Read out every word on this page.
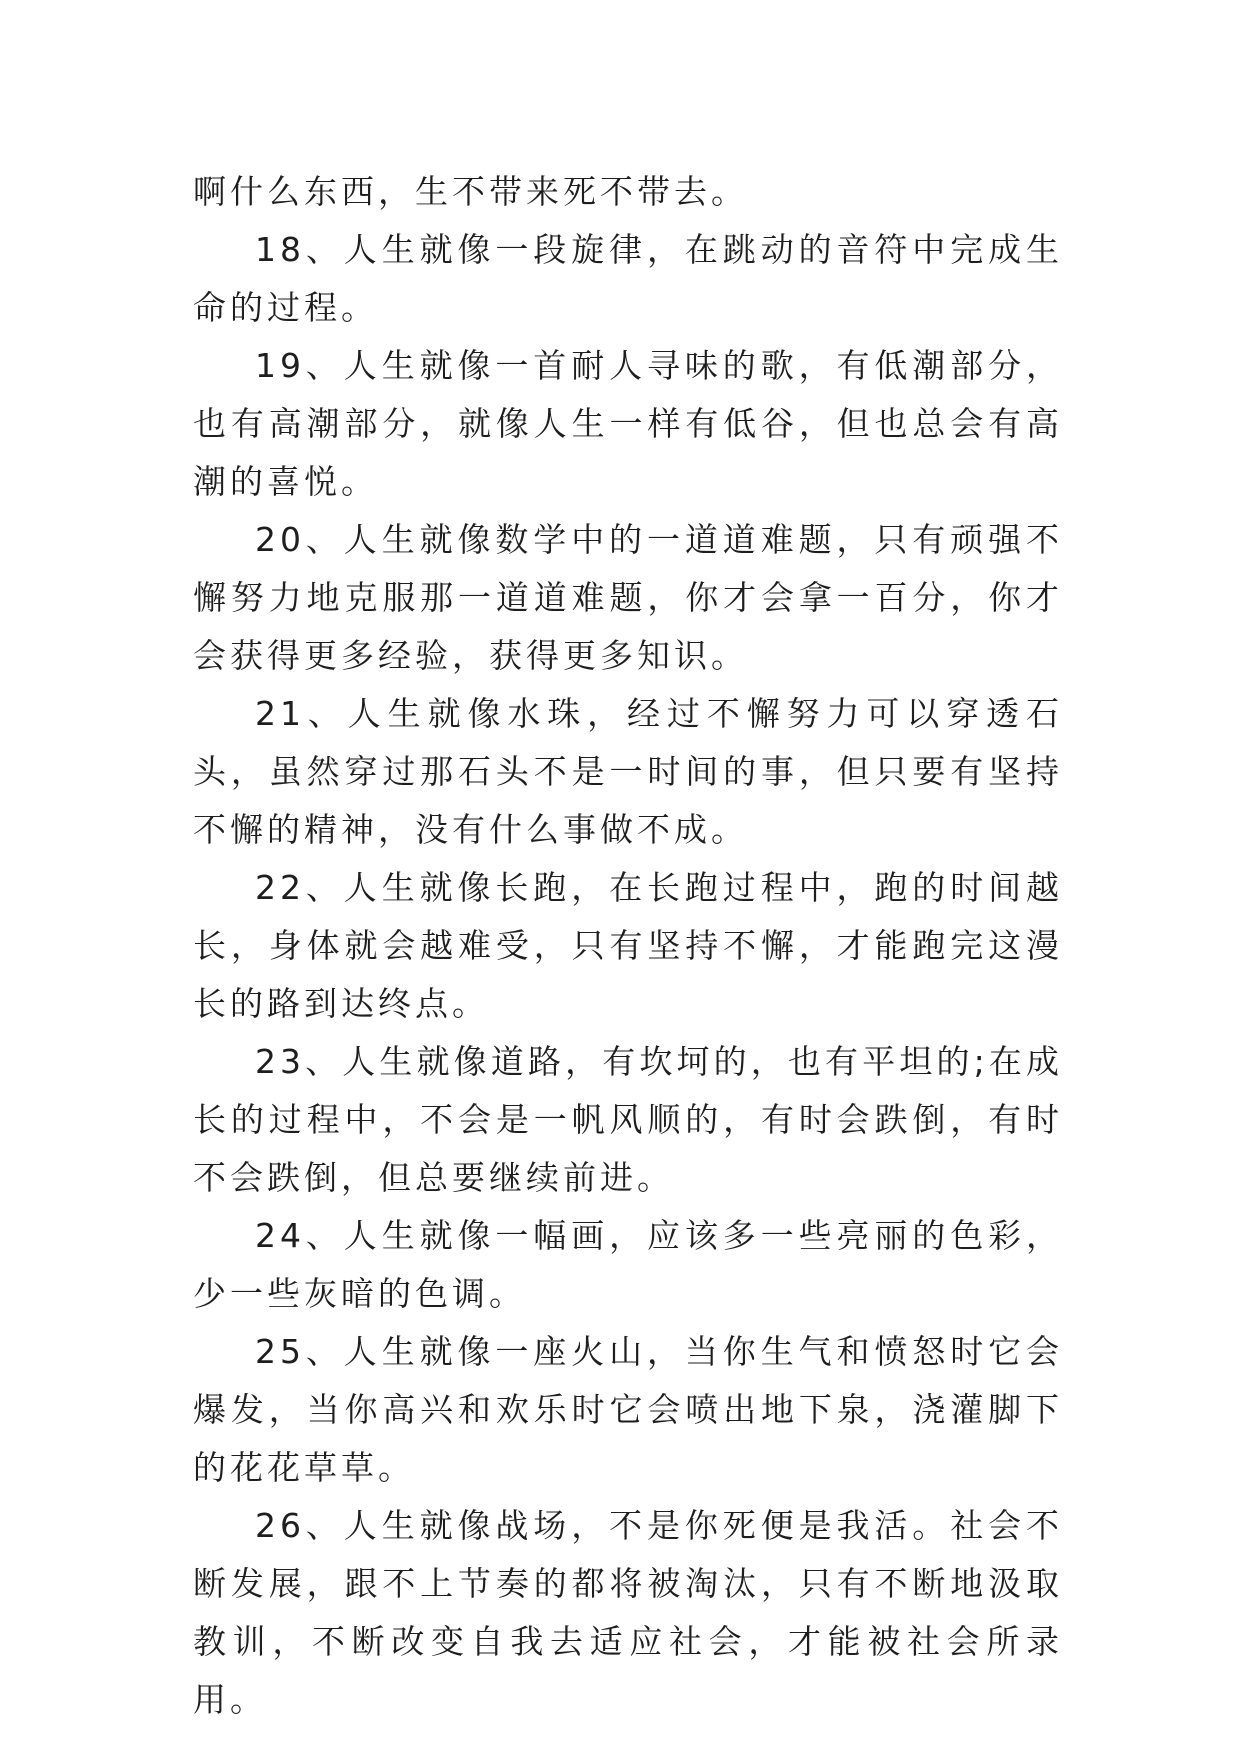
啊什么东西，生不带来死不带去。

18、人生就像一段旋律，在跳动的音符中完成生命的过程。

19、人生就像一首耐人寻味的歌，有低潮部分，也有高潮部分，就像人生一样有低谷，但也总会有高潮的喜悦。

20、人生就像数学中的一道道难题，只有顽强不懈努力地克服那一道道难题，你才会拿一百分，你才会获得更多经验，获得更多知识。

21、人生就像水珠，经过不懈努力可以穿透石头，虽然穿过那石头不是一时间的事，但只要有坚持不懈的精神，没有什么事做不成。

22、人生就像长跑，在长跑过程中，跑的时间越长，身体就会越难受，只有坚持不懈，才能跑完这漫长的路到达终点。

23、人生就像道路，有坎坷的，也有平坦的;在成长的过程中，不会是一帆风顺的，有时会跌倒，有时不会跌倒，但总要继续前进。

24、人生就像一幅画，应该多一些亮丽的色彩，少一些灰暗的色调。

25、人生就像一座火山，当你生气和愤怒时它会爆发，当你高兴和欢乐时它会喷出地下泉，浇灌脚下的花花草草。

26、人生就像战场，不是你死便是我活。社会不断发展，跟不上节奏的都将被淘汰，只有不断地汲取教训，不断改变自我去适应社会，才能被社会所录用。
